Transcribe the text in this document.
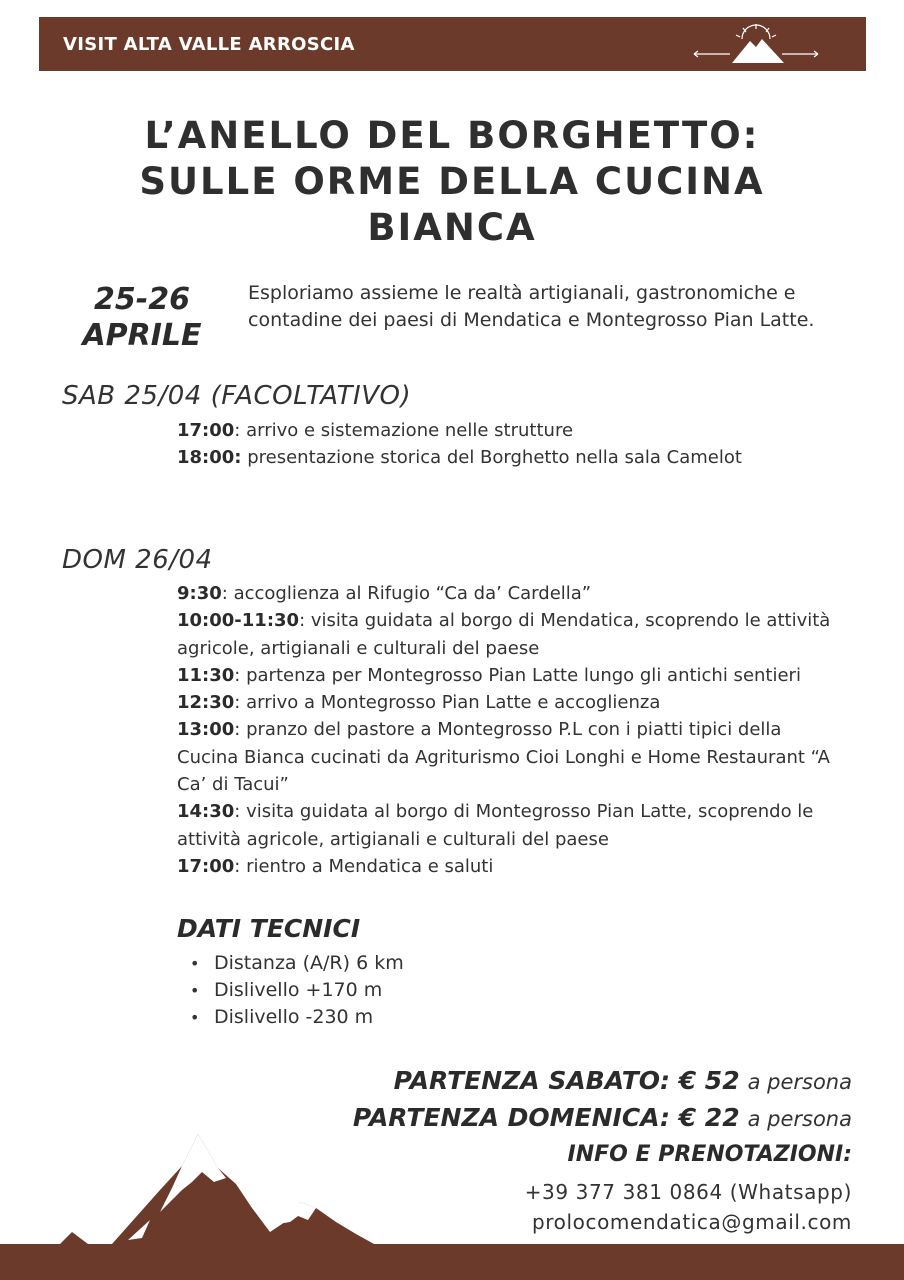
VISIT ALTA VALLE ARROSCIA
L’ANELLO DEL BORGHETTO:
SULLE ORME DELLA CUCINA
BIANCA
25-26
APRILE
Esploriamo assieme le realtà artigianali, gastronomiche e contadine dei paesi di Mendatica e Montegrosso Pian Latte.
SAB 25/04 (FACOLTATIVO)
17:00: arrivo e sistemazione nelle strutture
18:00: presentazione storica del Borghetto nella sala Camelot
DOM 26/04
9:30: accoglienza al Rifugio “Ca da’ Cardella”
10:00-11:30: visita guidata al borgo di Mendatica, scoprendo le attività agricole, artigianali e culturali del paese
11:30: partenza per Montegrosso Pian Latte lungo gli antichi sentieri
12:30: arrivo a Montegrosso Pian Latte e accoglienza
13:00: pranzo del pastore a Montegrosso P.L con i piatti tipici della Cucina Bianca cucinati da Agriturismo Cioi Longhi e Home Restaurant “A Ca’ di Tacui”
14:30: visita guidata al borgo di Montegrosso Pian Latte, scoprendo le attività agricole, artigianali e culturali del paese
17:00: rientro a Mendatica e saluti
DATI TECNICI
• Distanza (A/R) 6 km
• Dislivello +170 m
• Dislivello -230 m
PARTENZA SABATO: € 52 a persona
PARTENZA DOMENICA: € 22 a persona
INFO E PRENOTAZIONI:
+39 377 381 0864 (Whatsapp)
prolocomendatica@gmail.com
